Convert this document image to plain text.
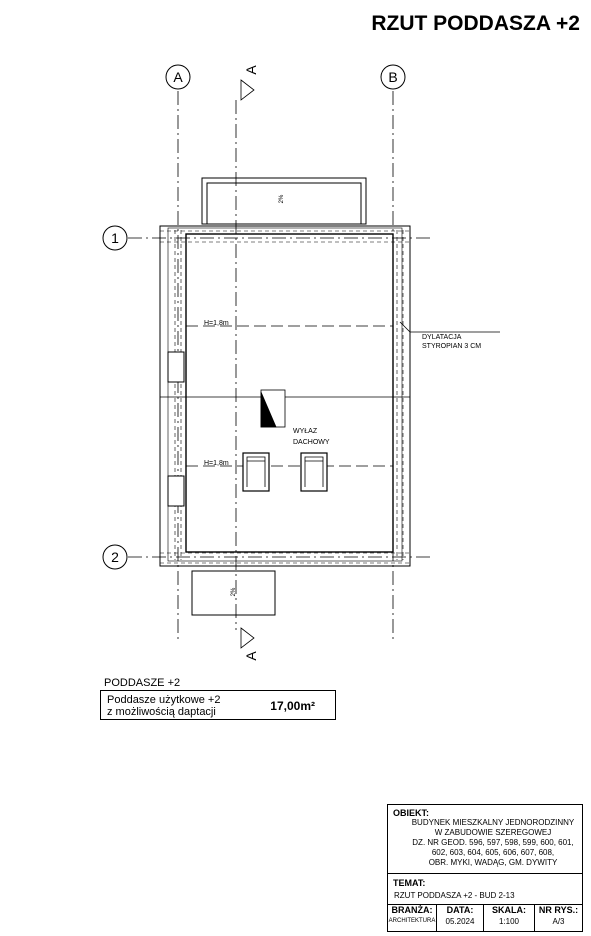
RZUT PODDASZA +2
A	B
1
2
A
A
2%
2%
H=1,8m
H=1,8m
WYŁAZ
DACHOWY
DYLATACJA
STYROPIAN 3 CM
PODDASZE +2
Poddasze użytkowe +2
z możliwością daptacji	17,00m²
OBIEKT:
BUDYNEK MIESZKALNY JEDNORODZINNY
W ZABUDOWIE SZEREGOWEJ
DZ. NR GEOD. 596, 597, 598, 599, 600, 601,
602, 603, 604, 605, 606, 607, 608,
OBR. MYKI, WADĄG, GM. DYWITY
TEMAT:
RZUT PODDASZA +2 - BUD 2-13
BRANŻA:
ARCHITEKTURA
DATA:
05.2024
SKALA:
1:100
NR RYS.:
A/3
